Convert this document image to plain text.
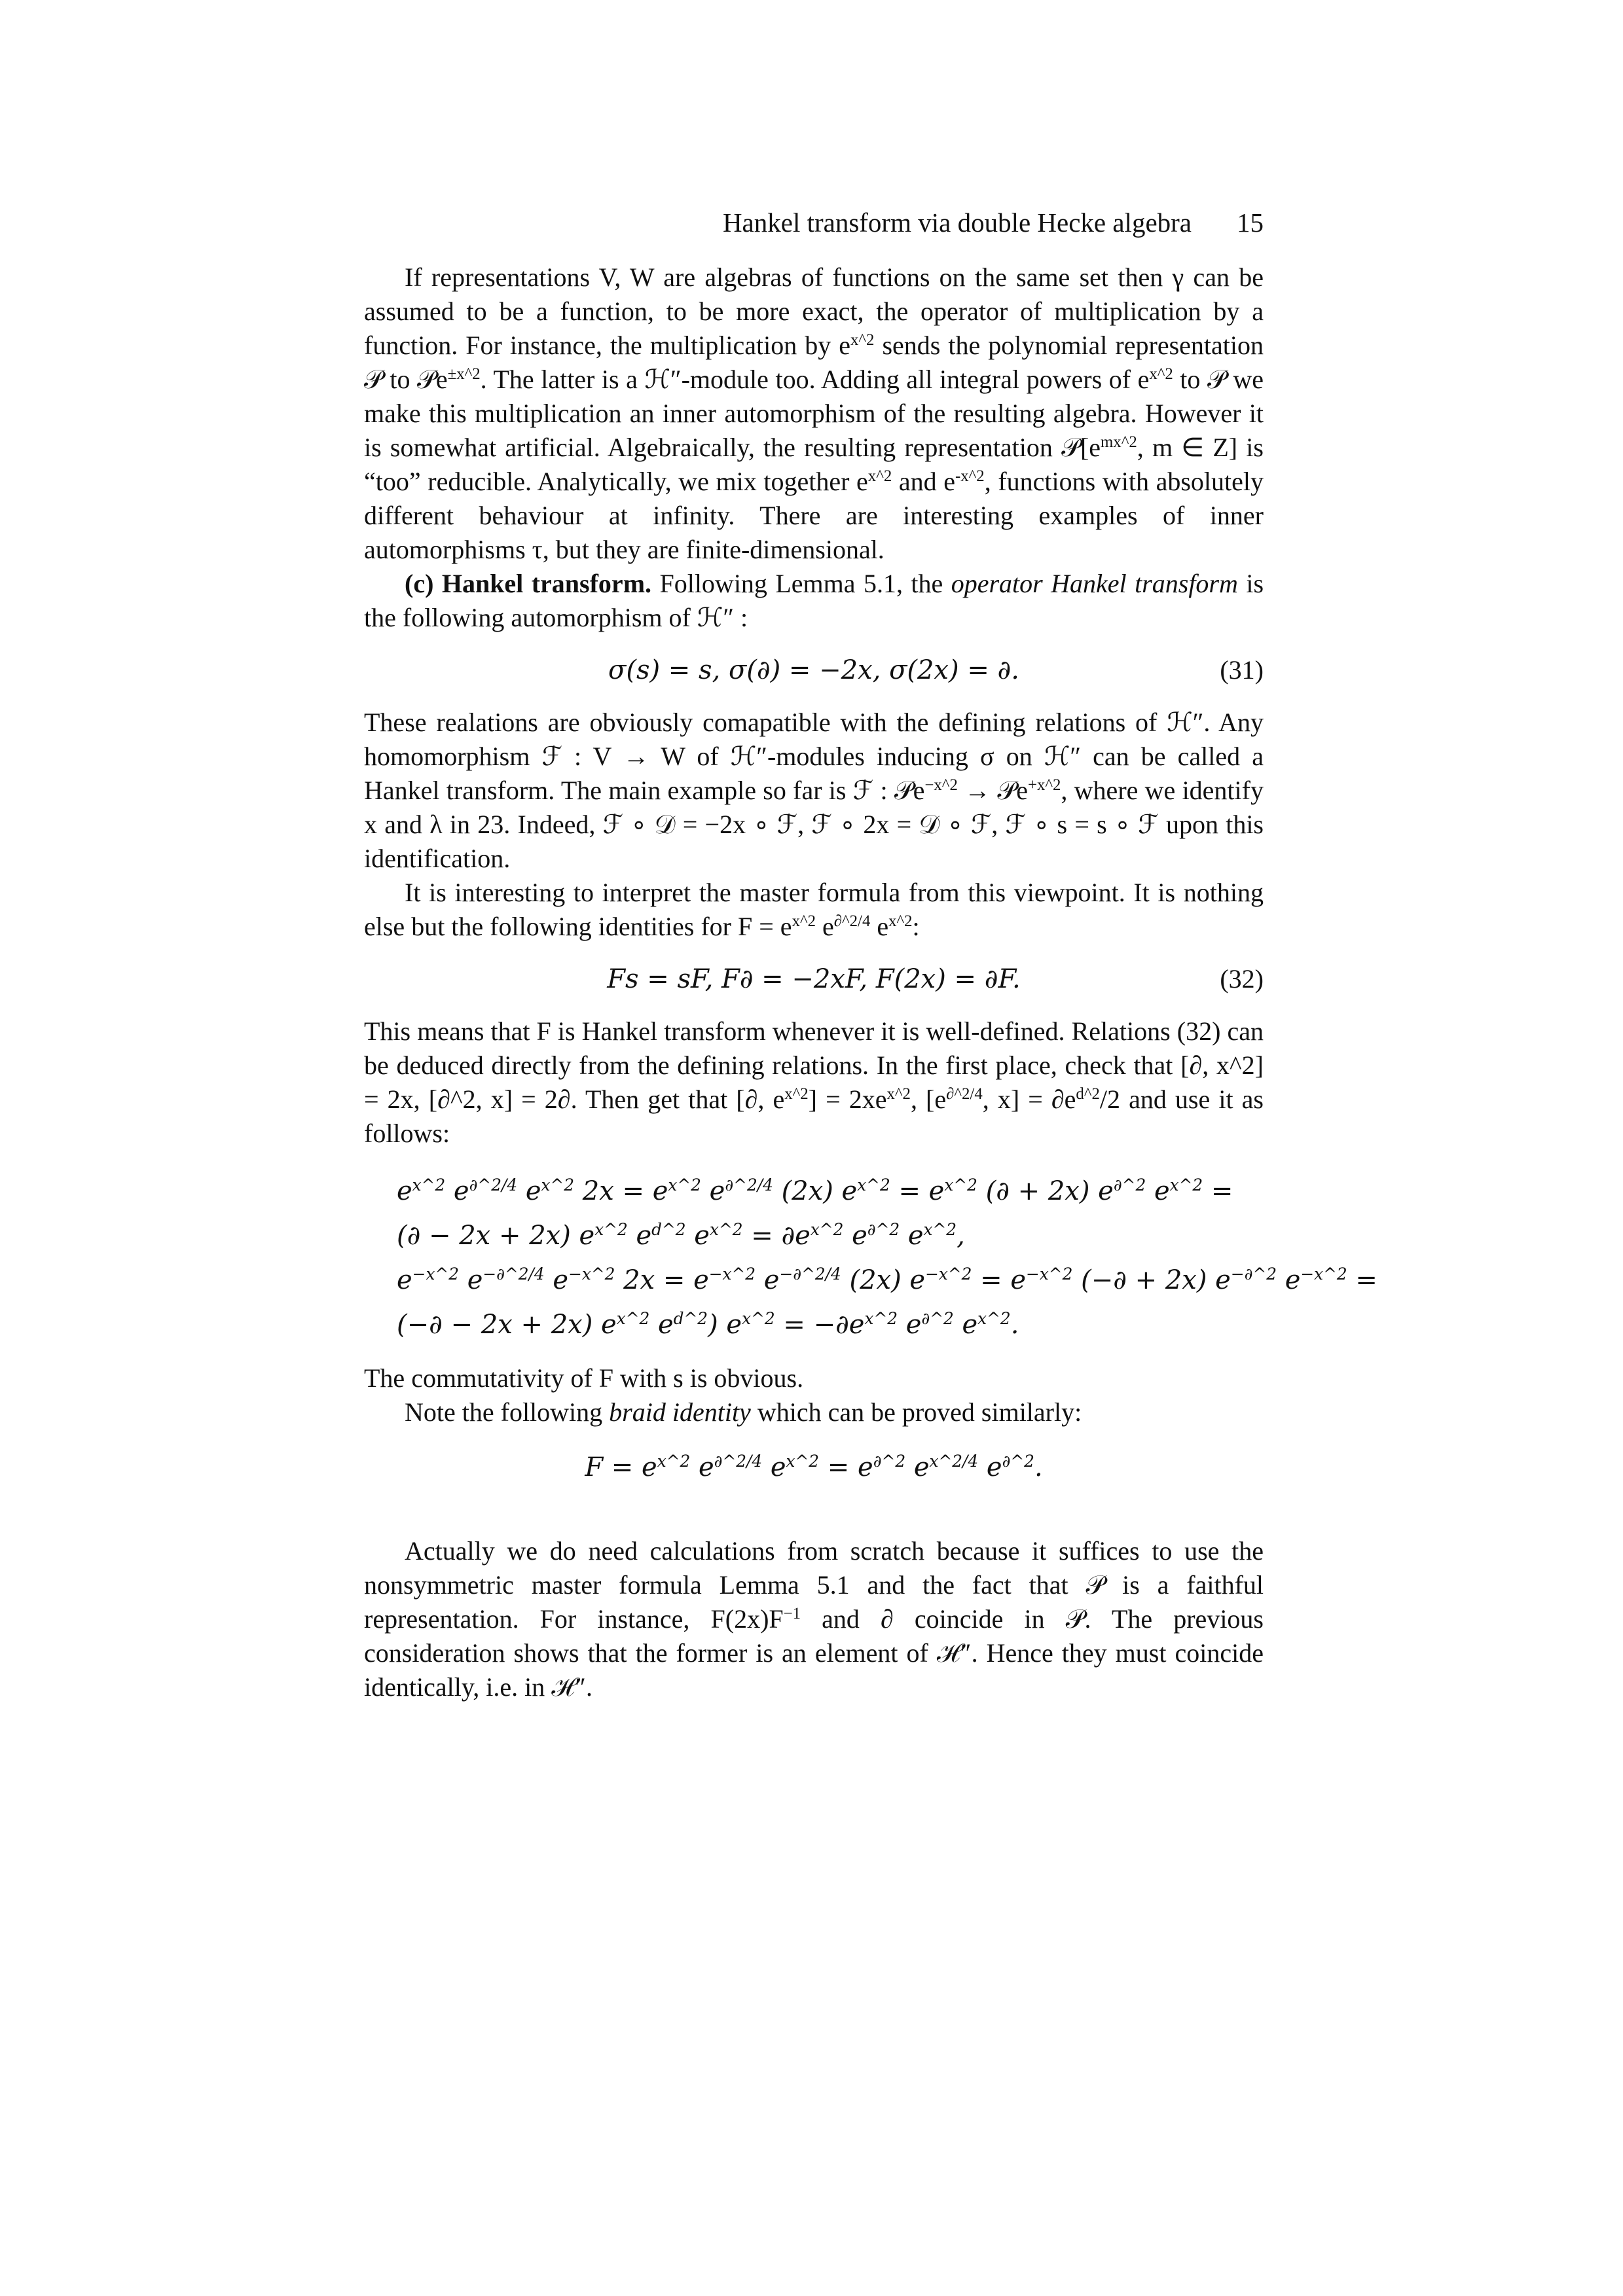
Hankel transform via double Hecke algebra 15

If representations V, W are algebras of functions on the same set then γ can be assumed to be a function, to be more exact, the operator of multiplication by a function. For instance, the multiplication by $e^{x\^{}2}$ sends the polynomial representation 𝒫 to 𝒫e$^{\pm x\^{}2}$. The latter is a ℋ″-module too. Adding all integral powers of $e^{x\^{}2}$ to 𝒫 we make this multiplication an inner automorphism of the resulting algebra. However it is somewhat artificial. Algebraically, the resulting representation $𝒫[e^{mx\^{}2}$, m ∈ Z] is “too” reducible. Analytically, we mix together $e^{x\^{}2}$ and $e^{-x\^{}2}$, functions with absolutely different behaviour at infinity. There are interesting examples of inner automorphisms τ, but they are finite-dimensional.

(c) Hankel transform. Following Lemma 5.1, the operator Hankel transform is the following automorphism of ℋ″ :

σ(s) = s, σ(∂) = −2x, σ(2x) = ∂.	(31)

These realations are obviously comapatible with the defining relations of ℋ″. Any homomorphism ℱ : V → W of ℋ″-modules inducing σ on ℋ″ can be called a Hankel transform. The main example so far is ℱ : 𝒫e$^{-x\^{}2}$ → 𝒫e$^{+x\^{}2}$, where we identify x and λ in 23. Indeed, ℱ ∘ 𝒟 = −2x ∘ ℱ, ℱ ∘ 2x = 𝒟 ∘ ℱ, ℱ ∘ s = s ∘ ℱ upon this identification.

It is interesting to interpret the master formula from this viewpoint. It is nothing else but the following identities for $F = e^{x\^{}2}$ $e^{\partial\^{}2/4}$ $e^{x\^{}2}$:

Fs = sF, F∂ = −2xF, F(2x) = ∂F.	(32)

This means that F is Hankel transform whenever it is well-defined. Relations (32) can be deduced directly from the defining relations. In the first place, check that [∂, x^2] = 2x, [∂^2, x] = 2∂. Then get that [∂, $e^{x\^{}2}] = 2xe^{x\^{}2}$, [$e^{\partial\^{}2/4}$, $x] = \partial e^{d\^{}2}/2$ and use it as follows:

$e^{x\^{}2}$ $e^{\partial\^{}2/4}$ $e^{x\^{}2}$ $2x = e^{x\^{}2}$ $e^{\partial\^{}2/4}$ (2x) $e^{x\^{}2} = e^{x\^{}2}$ (∂ + 2x) $e^{\partial\^{}2}$ $e^{x\^{}2}$ =
(∂ − 2x + 2x) $e^{x\^{}2}$ $e^{d\^{}2}$ $e^{x\^{}2} = \partial e^{x\^{}2}$ $e^{\partial\^{}2}$ $e^{x\^{}2}$,
$e^{-x\^{}2}$ $e^{-\partial\^{}2/4}$ $e^{-x\^{}2}$ $2x = e^{-x\^{}2}$ $e^{-\partial\^{}2/4}$ (2x) $e^{-x\^{}2} = e^{-x\^{}2}$ (−∂ + 2x) $e^{-\partial\^{}2}$ $e^{-x\^{}2}$ =
(−∂ − 2x + 2x) $e^{x\^{}2}$ $e^{d\^{}2}$) $e^{x\^{}2} = -\partial e^{x\^{}2}$ $e^{\partial\^{}2}$ $e^{x\^{}2}$.

The commutativity of F with s is obvious.

Note the following braid identity which can be proved similarly:

$F = e^{x\^{}2}$ $e^{\partial\^{}2/4}$ $e^{x\^{}2} = e^{\partial\^{}2}$ $e^{x\^{}2/4}$ $e^{\partial\^{}2}$.

Actually we do need calculations from scratch because it suffices to use the nonsymmetric master formula Lemma 5.1 and the fact that 𝒫 is a faithful representation. For instance, $F(2x)F^{-1}$ and ∂ coincide in 𝒫. The previous consideration shows that the former is an element of ℋ″. Hence they must coincide identically, i.e. in ℋ″.
